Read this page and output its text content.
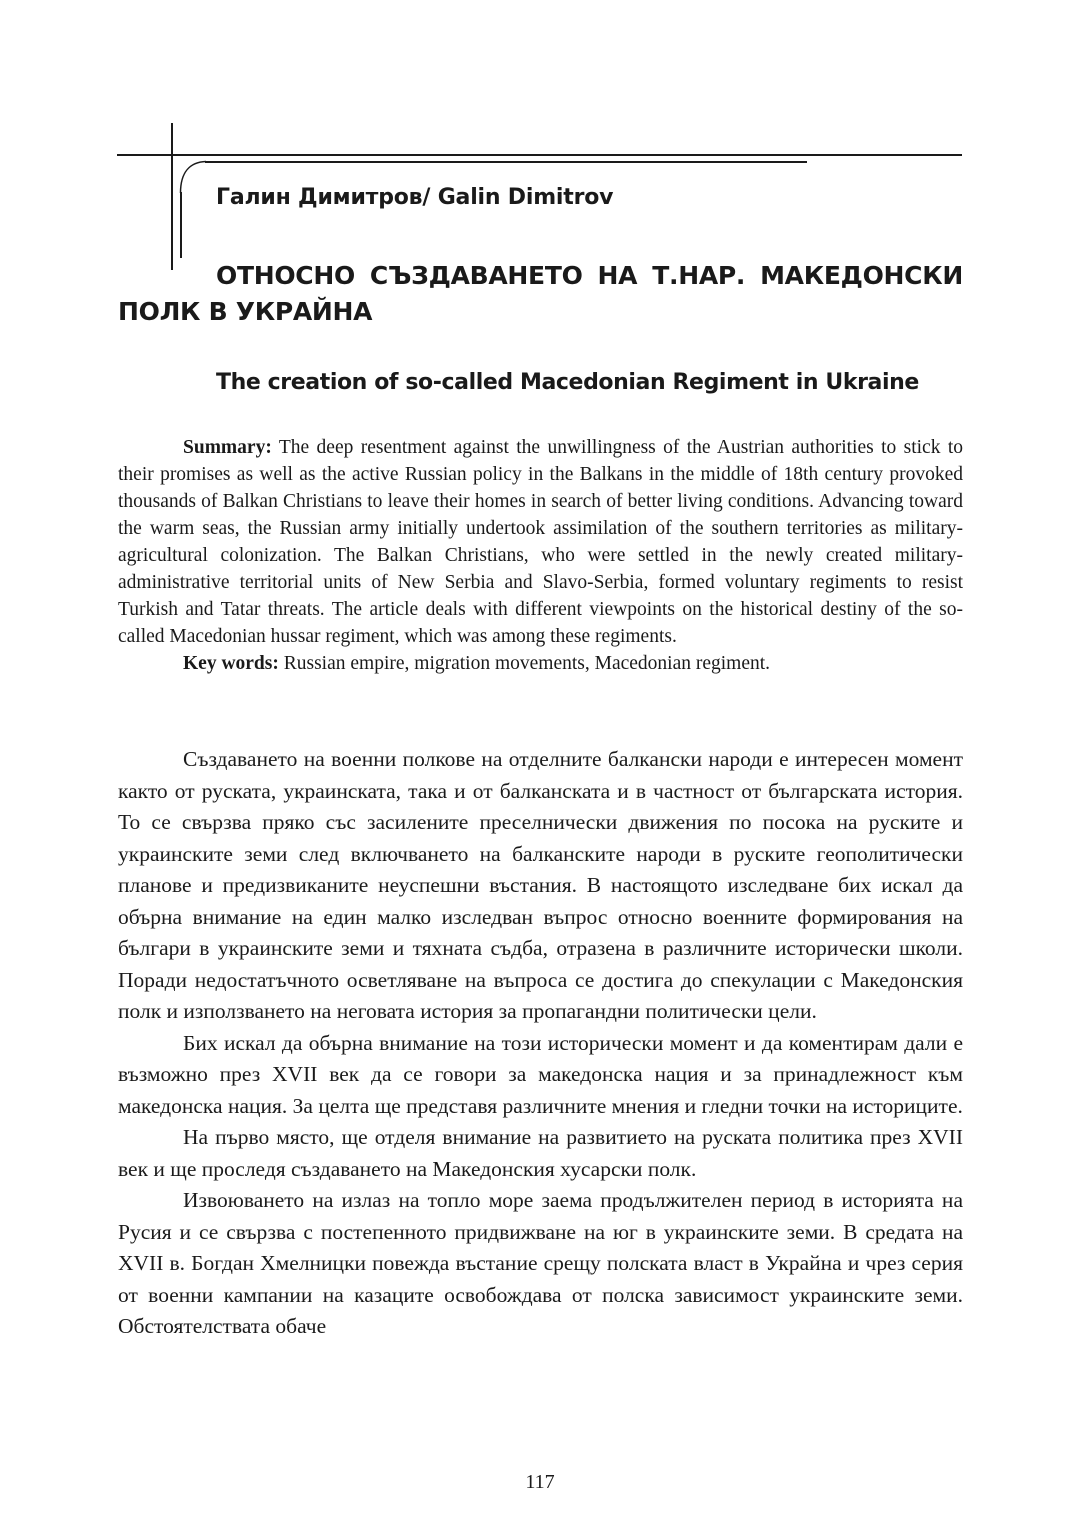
Галин Димитров/ Galin Dimitrov
ОТНОСНО СЪЗДАВАНЕТО НА Т.НАР. МАКЕДОНСКИ
ПОЛК В УКРАЙНА
The creation of so-called Macedonian Regiment in Ukraine

Summary: The deep resentment against the unwillingness of the Austrian authorities to stick to their promises as well as the active Russian policy in the Balkans in the middle of 18th century provoked thousands of Balkan Christians to leave their homes in search of better living conditions. Advancing toward the warm seas, the Russian army initially undertook assimilation of the southern territories as military-agricultural colonization. The Balkan Christians, who were settled in the newly created military-administrative territorial units of New Serbia and Slavo-Serbia, formed voluntary regiments to resist Turkish and Tatar threats. The article deals with different viewpoints on the historical destiny of the so-called Macedonian hussar regiment, which was among these regiments.

Key words: Russian empire, migration movements, Macedonian regiment.

Създаването на военни полкове на отделните балкански народи е интересен момент както от руската, украинската, така и от балканската и в частност от българската история. То се свързва пряко със засилените преселнически движения по посока на руските и украинските земи след включването на балканските народи в руските геополитически планове и предизвиканите неуспешни въстания. В настоящото изследване бих искал да обърна внимание на един малко изследван въпрос относно военните формирования на българи в украинските земи и тяхната съдба, отразена в различните исторически школи. Поради недостатъчното осветляване на въпроса се достига до спекулации с Македонския полк и използването на неговата история за пропагандни политически цели.

Бих искал да обърна внимание на този исторически момент и да коментирам дали е възможно през XVII век да се говори за македонска нация и за принадлежност към македонска нация. За целта ще представя различните мнения и гледни точки на историците.

На първо място, ще отделя внимание на развитието на руската политика през XVII век и ще проследя създаването на Македонския хусарски полк.

Извоюването на излаз на топло море заема продължителен период в историята на Русия и се свързва с постепенното придвижване на юг в украинските земи. В средата на XVII в. Богдан Хмелницки повежда въстание срещу полската власт в Украйна и чрез серия от военни кампании на казаците освобождава от полска зависимост украинските земи. Обстоятелствата обаче

117
